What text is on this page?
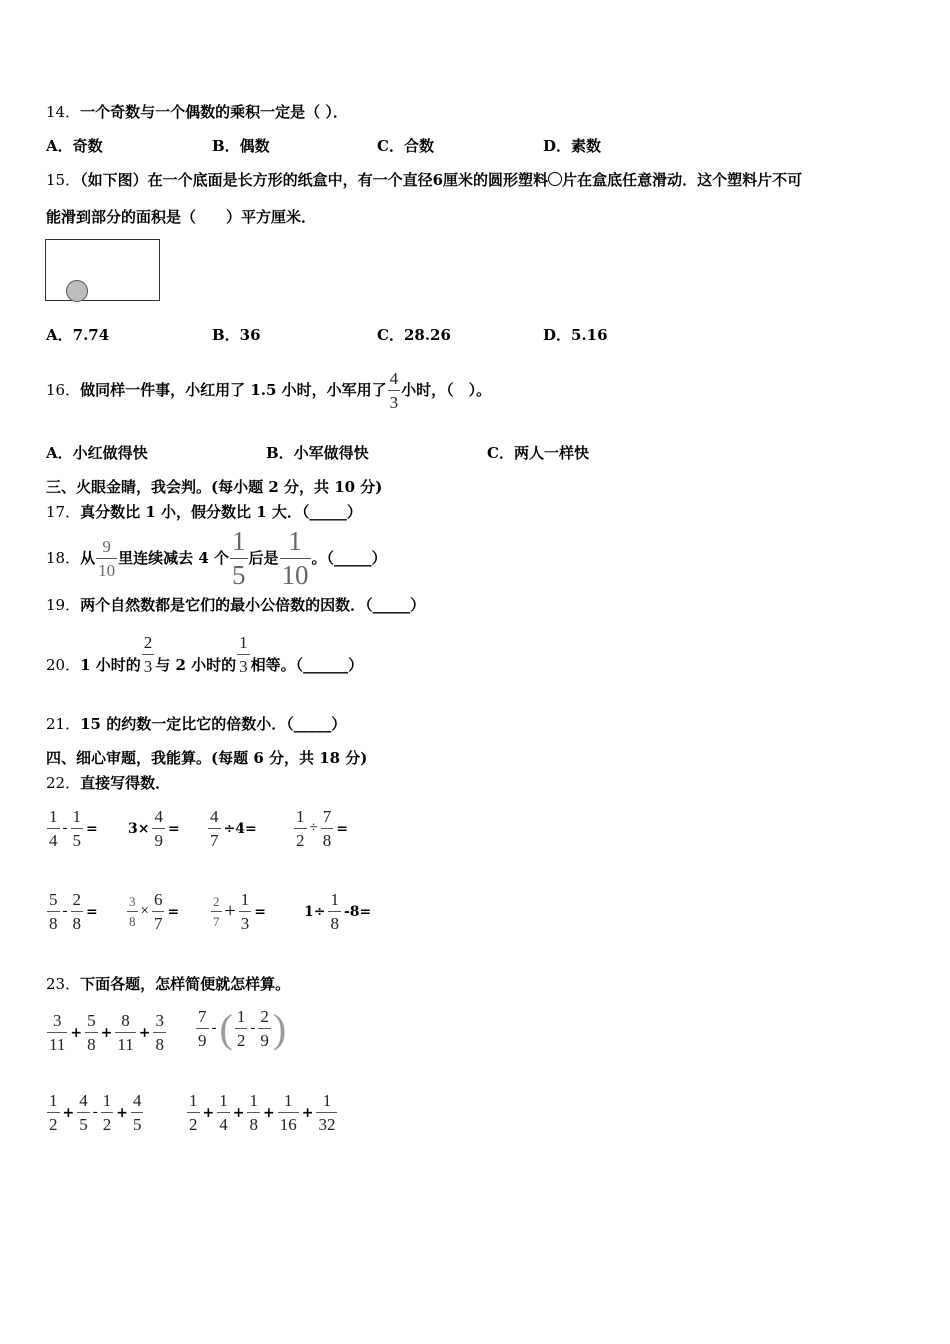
14．一个奇数与一个偶数的乘积一定是（ ）．
A．奇数	B．偶数	C．合数	D．素数
15．（如下图）在一个底面是长方形的纸盒中，有一个直径6厘米的圆形塑料 片在盒底任意滑动．这个塑料片不可
能滑到部分的面积是（　　）平方厘米．
A．7.74	B．36	C．28.26	D．5.16
16． 做同样一件事，小红用了 1.5 小时，小军用了 $\frac{4}{3}$ 小时，（　）。
A．小红做得快	B．小军做得快	C．两人一样快
三、火眼金睛，我会判。(每小题 2 分，共 10 分)
17．真分数比 1 小，假分数比 1 大．（_____）
18． 从 $\frac{9}{10}$ 里连续减去 4 个 $\frac{1}{5}$ 后是 $\frac{1}{10}$ 。（_____）
19．两个自然数都是它们的最小公倍数的因数．（_____）
20． 1 小时的 $\frac{2}{3}$ 与 2 小时的 $\frac{1}{3}$ 相等。（______）
21．15 的约数一定比它的倍数小．（_____）
四、细心审题，我能算。(每题 6 分，共 18 分)
22．直接写得数．
$\frac{1}{4} - \frac{1}{5} = 3\times \frac{4}{9} = \frac{4}{7} \div 4= \frac{1}{2} \div \frac{7}{8}$ =
$\frac{5}{8} - \frac{2}{8} = \frac{3}{8} \times \frac{6}{7} = \frac{2}{7} + \frac{1}{3}$ =	$1\div \frac{1}{8} -8=$
23．下面各题，怎样简便就怎样算。
$\frac{3}{11} + \frac{5}{8} + \frac{8}{11} + \frac{3}{8} \frac{7}{9}$ - ( $\frac{1}{2} - \frac{2}{9}$ )
$\frac{1}{2} + \frac{4}{5} - \frac{1}{2} + \frac{4}{5}$	$\frac{1}{2} + \frac{1}{4} + \frac{1}{8} + \frac{1}{16} + \frac{1}{32}$
